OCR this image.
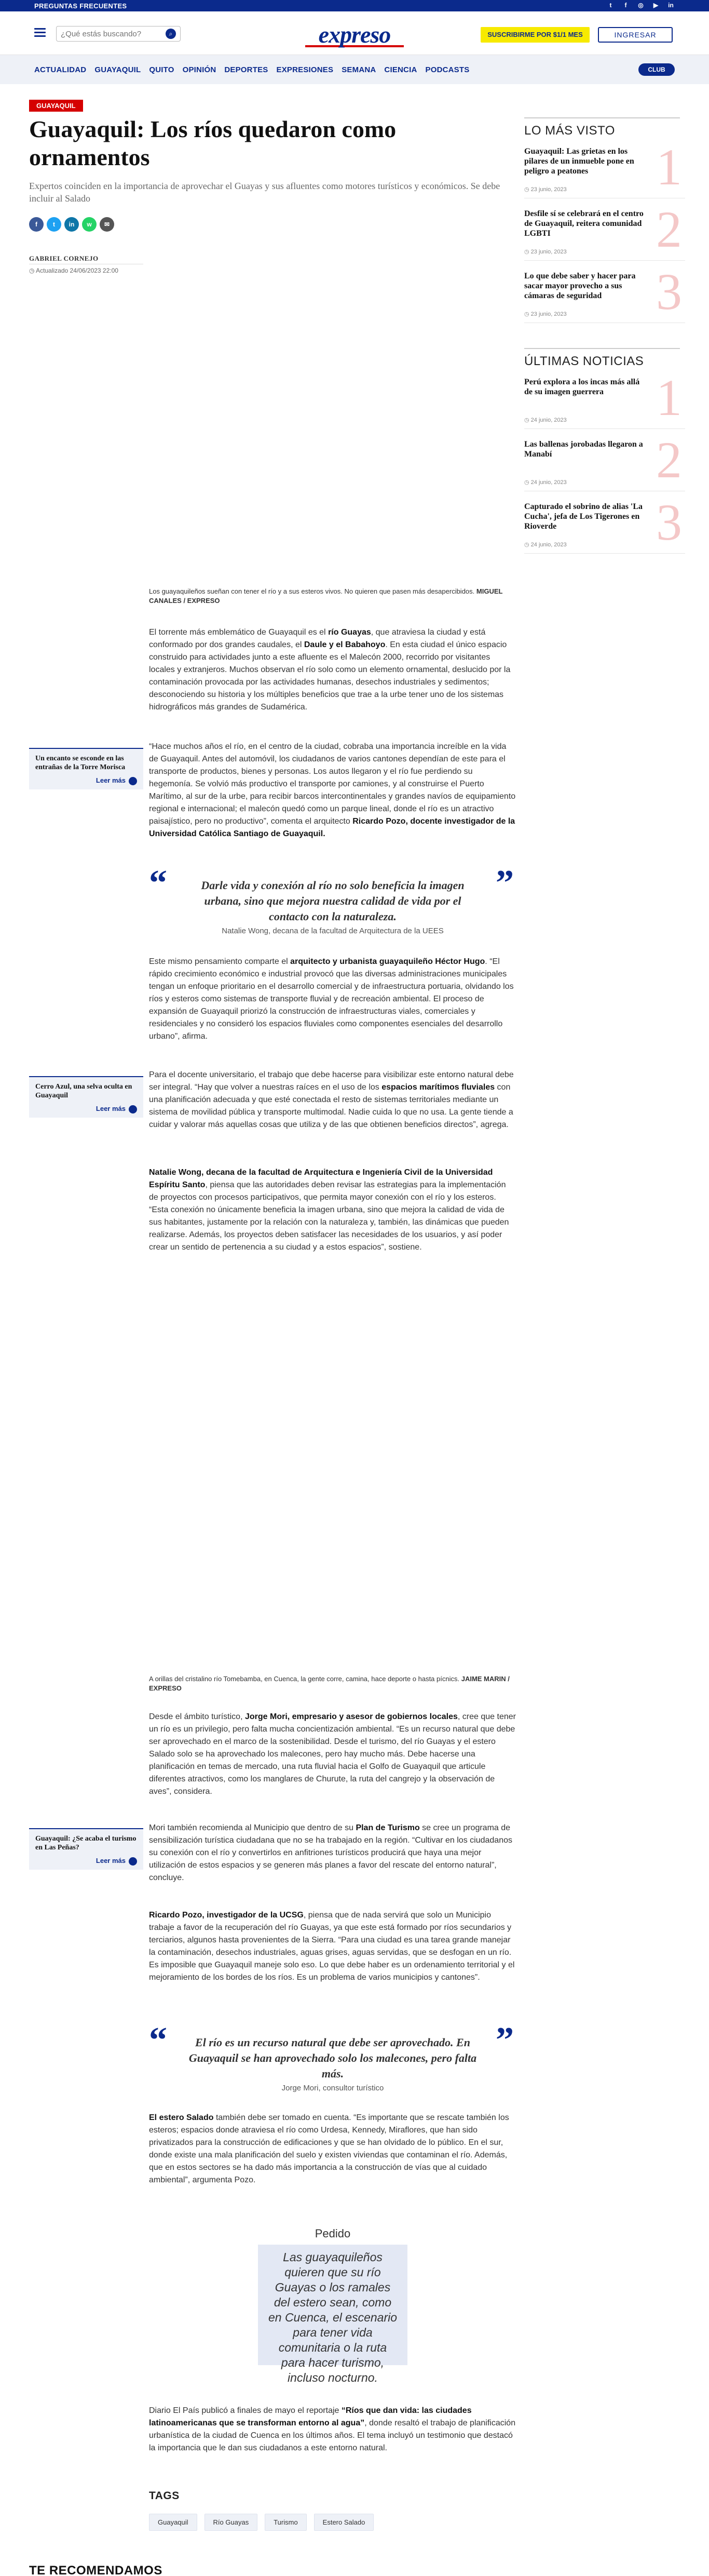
PREGUNTAS FRECUENTES	t	f	◎ ▶ in
¿Qué estás buscando?
⌕	expreso	SUSCRIBIRME POR $1/1 MES	INGRESAR
ACTUALIDAD GUAYAQUIL QUITO OPINIÓN DEPORTES EXPRESIONES SEMANA CIENCIA PODCASTS	CLUB
GUAYAQUIL
Guayaquil: Los ríos quedaron como ornamentos

Expertos coinciden en la importancia de aprovechar el Guayas y sus afluentes como motores turísticos y económicos. Se debe incluir al Salado

f	t	in	w	✉
GABRIEL CORNEJO
◷ Actualizado 24/06/2023 22:00
LO MÁS VISTO
Guayaquil: Las grietas en los pilares de un inmueble pone en peligro a peatones
◷ 23 junio, 2023 1
Desfile sí se celebrará en el centro de Guayaquil, reitera comunidad LGBTI
◷ 23 junio, 2023 2
Lo que debe saber y hacer para sacar mayor provecho a sus cámaras de seguridad
◷ 23 junio, 2023 3
ÚLTIMAS NOTICIAS
Perú explora a los incas más allá de su imagen guerrera
◷ 24 junio, 2023 1
Las ballenas jorobadas llegaron a Manabí
◷ 24 junio, 2023 2
Capturado el sobrino de alias 'La Cucha', jefa de Los Tigerones en Rioverde
◷ 24 junio, 2023 3

Los guayaquileños sueñan con tener el río y a sus esteros vivos. No quieren que pasen más desapercibidos. MIGUEL CANALES / EXPRESO

El torrente más emblemático de Guayaquil es el río Guayas, que atraviesa la ciudad y está conformado por dos grandes caudales, el Daule y el Babahoyo. En esta ciudad el único espacio construido para actividades junto a este afluente es el Malecón 2000, recorrido por visitantes locales y extranjeros. Muchos observan el río solo como un elemento ornamental, deslucido por la contaminación provocada por las actividades humanas, desechos industriales y sedimentos; desconociendo su historia y los múltiples beneficios que trae a la urbe tener uno de los sistemas hidrográficos más grandes de Sudamérica.

Un encanto se esconde en las entrañas de la Torre Morisca
Leer más

“Hace muchos años el río, en el centro de la ciudad, cobraba una importancia increíble en la vida de Guayaquil. Antes del automóvil, los ciudadanos de varios cantones dependían de este para el transporte de productos, bienes y personas. Los autos llegaron y el río fue perdiendo su hegemonía. Se volvió más productivo el transporte por camiones, y al construirse el Puerto Marítimo, al sur de la urbe, para recibir barcos intercontinentales y grandes navíos de equipamiento regional e internacional; el malecón quedó como un parque lineal, donde el río es un atractivo paisajístico, pero no productivo”, comenta el arquitecto Ricardo Pozo, docente investigador de la Universidad Católica Santiago de Guayaquil.

“	”
Darle vida y conexión al río no solo beneficia la imagen urbana, sino que mejora nuestra calidad de vida por el contacto con la naturaleza.
Natalie Wong, decana de la facultad de Arquitectura de la UEES

Este mismo pensamiento comparte el arquitecto y urbanista guayaquileño Héctor Hugo. “El rápido crecimiento económico e industrial provocó que las diversas administraciones municipales tengan un enfoque prioritario en el desarrollo comercial y de infraestructura portuaria, olvidando los ríos y esteros como sistemas de transporte fluvial y de recreación ambiental. El proceso de expansión de Guayaquil priorizó la construcción de infraestructuras viales, comerciales y residenciales y no consideró los espacios fluviales como componentes esenciales del desarrollo urbano”, afirma.

Cerro Azul, una selva oculta en Guayaquil
Leer más

Para el docente universitario, el trabajo que debe hacerse para visibilizar este entorno natural debe ser integral. “Hay que volver a nuestras raíces en el uso de los espacios marítimos fluviales con una planificación adecuada y que esté conectada el resto de sistemas territoriales mediante un sistema de movilidad pública y transporte multimodal. Nadie cuida lo que no usa. La gente tiende a cuidar y valorar más aquellas cosas que utiliza y de las que obtienen beneficios directos”, agrega.

Natalie Wong, decana de la facultad de Arquitectura e Ingeniería Civil de la Universidad Espíritu Santo, piensa que las autoridades deben revisar las estrategias para la implementación de proyectos con procesos participativos, que permita mayor conexión con el río y los esteros. “Esta conexión no únicamente beneficia la imagen urbana, sino que mejora la calidad de vida de sus habitantes, justamente por la relación con la naturaleza y, también, las dinámicas que pueden realizarse. Además, los proyectos deben satisfacer las necesidades de los usuarios, y así poder crear un sentido de pertenencia a su ciudad y a estos espacios”, sostiene.

A orillas del cristalino río Tomebamba, en Cuenca, la gente corre, camina, hace deporte o hasta pícnics. JAIME MARIN / EXPRESO

Desde el ámbito turístico, Jorge Mori, empresario y asesor de gobiernos locales, cree que tener un río es un privilegio, pero falta mucha concientización ambiental. “Es un recurso natural que debe ser aprovechado en el marco de la sostenibilidad. Desde el turismo, del río Guayas y el estero Salado solo se ha aprovechado los malecones, pero hay mucho más. Debe hacerse una planificación en temas de mercado, una ruta fluvial hacia el Golfo de Guayaquil que articule diferentes atractivos, como los manglares de Churute, la ruta del cangrejo y la observación de aves”, considera.

Guayaquil: ¿Se acaba el turismo en Las Peñas?
Leer más

Mori también recomienda al Municipio que dentro de su Plan de Turismo se cree un programa de sensibilización turística ciudadana que no se ha trabajado en la región. “Cultivar en los ciudadanos su conexión con el río y convertirlos en anfitriones turísticos producirá que haya una mejor utilización de estos espacios y se generen más planes a favor del rescate del entorno natural”, concluye.

Ricardo Pozo, investigador de la UCSG, piensa que de nada servirá que solo un Municipio trabaje a favor de la recuperación del río Guayas, ya que este está formado por ríos secundarios y terciarios, algunos hasta provenientes de la Sierra. “Para una ciudad es una tarea grande manejar la contaminación, desechos industriales, aguas grises, aguas servidas, que se desfogan en un río. Es imposible que Guayaquil maneje solo eso. Lo que debe haber es un ordenamiento territorial y el mejoramiento de los bordes de los ríos. Es un problema de varios municipios y cantones”.

“	”
El río es un recurso natural que debe ser aprovechado. En Guayaquil se han aprovechado solo los malecones, pero falta más.
Jorge Mori, consultor turístico

El estero Salado también debe ser tomado en cuenta. “Es importante que se rescate también los esteros; espacios donde atraviesa el río como Urdesa, Kennedy, Miraflores, que han sido privatizados para la construcción de edificaciones y que se han olvidado de lo público. En el sur, donde existe una mala planificación del suelo y existen viviendas que contaminan el río. Además, que en estos sectores se ha dado más importancia a la construcción de vías que al cuidado ambiental”, argumenta Pozo.

Pedido
Las guayaquileños quieren que su río Guayas o los ramales del estero sean, como en Cuenca, el escenario para tener vida comunitaria o la ruta para hacer turismo, incluso nocturno.

Diario El País publicó a finales de mayo el reportaje “Ríos que dan vida: las ciudades latinoamericanas que se transforman entorno al agua”, donde resaltó el trabajo de planificación urbanística de la ciudad de Cuenca en los últimos años. El tema incluyó un testimonio que destacó la importancia que le dan sus ciudadanos a este entorno natural.

TAGS
Guayaquil	Río Guayas	Turismo	Estero Salado
TE RECOMENDAMOS
